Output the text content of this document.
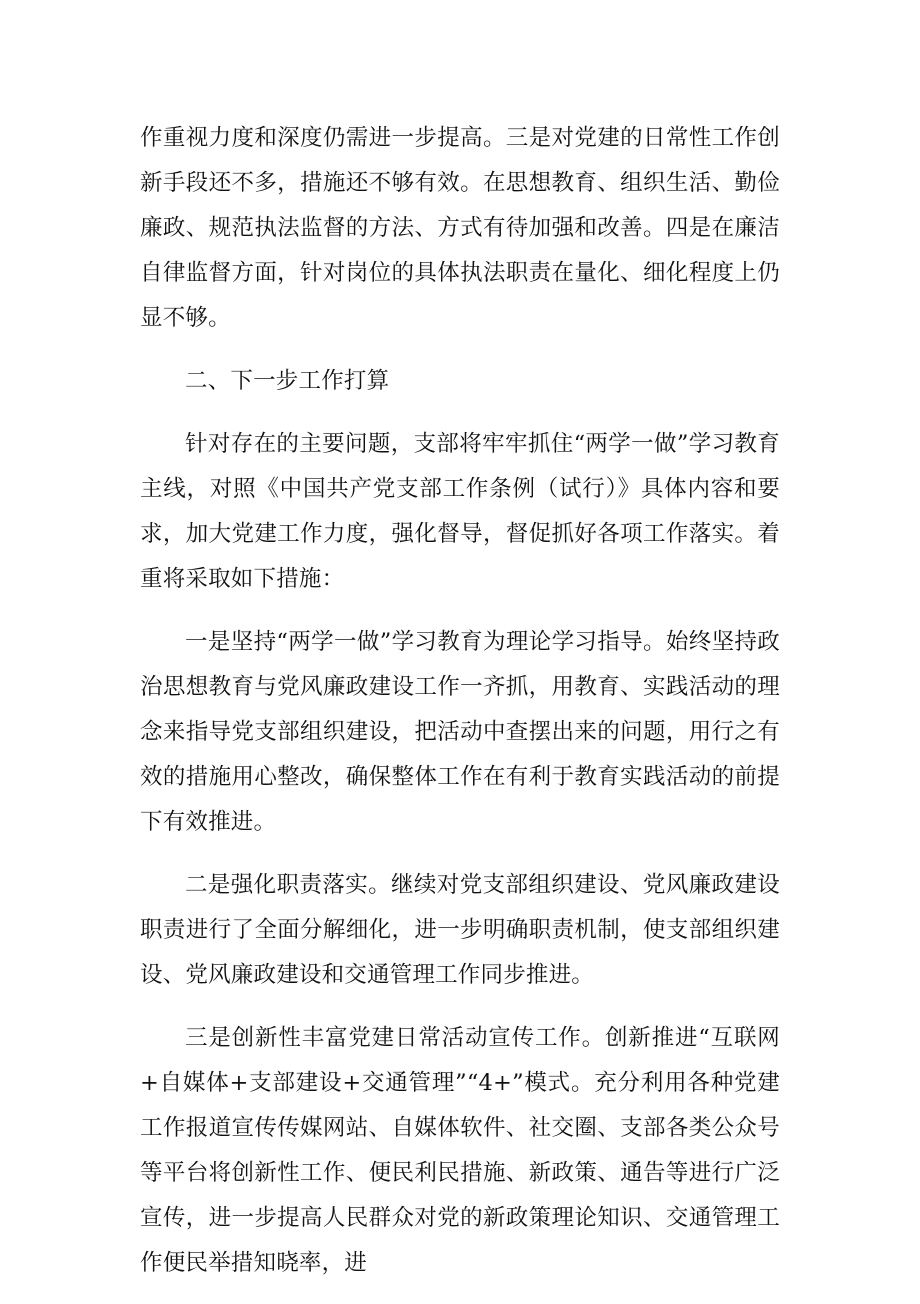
作重视力度和深度仍需进一步提高。三是对党建的日常性工作创新手段还不多，措施还不够有效。在思想教育、组织生活、勤俭廉政、规范执法监督的方法、方式有待加强和改善。四是在廉洁自律监督方面，针对岗位的具体执法职责在量化、细化程度上仍显不够。

二、下一步工作打算

针对存在的主要问题，支部将牢牢抓住“两学一做”学习教育主线，对照《中国共产党支部工作条例（试行）》具体内容和要求，加大党建工作力度，强化督导，督促抓好各项工作落实。着重将采取如下措施：

一是坚持“两学一做”学习教育为理论学习指导。始终坚持政治思想教育与党风廉政建设工作一齐抓，用教育、实践活动的理念来指导党支部组织建设，把活动中查摆出来的问题，用行之有效的措施用心整改，确保整体工作在有利于教育实践活动的前提下有效推进。

二是强化职责落实。继续对党支部组织建设、党风廉政建设职责进行了全面分解细化，进一步明确职责机制，使支部组织建设、党风廉政建设和交通管理工作同步推进。

三是创新性丰富党建日常活动宣传工作。创新推进“互联网+自媒体+支部建设+交通管理”“4+”模式。充分利用各种党建工作报道宣传传媒网站、自媒体软件、社交圈、支部各类公众号等平台将创新性工作、便民利民措施、新政策、通告等进行广泛宣传，进一步提高人民群众对党的新政策理论知识、交通管理工作便民举措知晓率，进
